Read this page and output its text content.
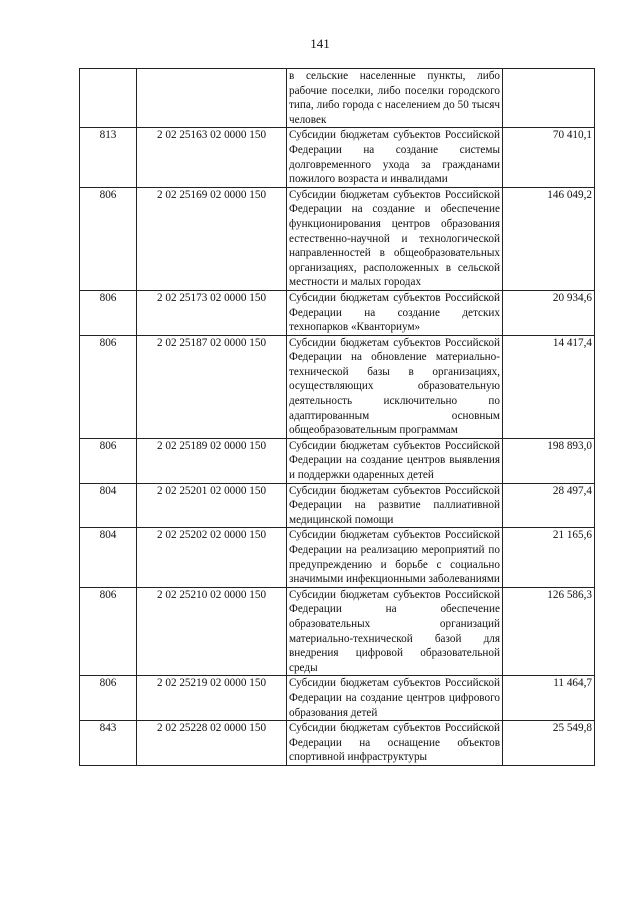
141
		в сельские населенные пункты, либо рабочие поселки, либо поселки городского типа, либо города с населением до 50 тысяч человек	
813	2 02 25163 02 0000 150	Субсидии бюджетам субъектов Российской Федерации на создание системы долговременного ухода за гражданами пожилого возраста и инвалидами	70 410,1
806	2 02 25169 02 0000 150	Субсидии бюджетам субъектов Российской Федерации на создание и обеспечение функционирования центров образования естественно-научной и технологической направленностей в общеобразовательных организациях, расположенных в сельской местности и малых городах	146 049,2
806	2 02 25173 02 0000 150	Субсидии бюджетам субъектов Российской Федерации на создание детских технопарков «Кванториум»	20 934,6
806	2 02 25187 02 0000 150	Субсидии бюджетам субъектов Российской Федерации на обновление материально-технической базы в организациях, осуществляющих образовательную деятельность исключительно по адаптированным основным общеобразовательным программам	14 417,4
806	2 02 25189 02 0000 150	Субсидии бюджетам субъектов Российской Федерации на создание центров выявления и поддержки одаренных детей	198 893,0
804	2 02 25201 02 0000 150	Субсидии бюджетам субъектов Российской Федерации на развитие паллиативной медицинской помощи	28 497,4
804	2 02 25202 02 0000 150	Субсидии бюджетам субъектов Российской Федерации на реализацию мероприятий по предупреждению и борьбе с социально значимыми инфекционными заболеваниями	21 165,6
806	2 02 25210 02 0000 150	Субсидии бюджетам субъектов Российской Федерации на обеспечение образовательных организаций материально-технической базой для внедрения цифровой образовательной среды	126 586,3
806	2 02 25219 02 0000 150	Субсидии бюджетам субъектов Российской Федерации на создание центров цифрового образования детей	11 464,7
843	2 02 25228 02 0000 150	Субсидии бюджетам субъектов Российской Федерации на оснащение объектов спортивной инфраструктуры	25 549,8
